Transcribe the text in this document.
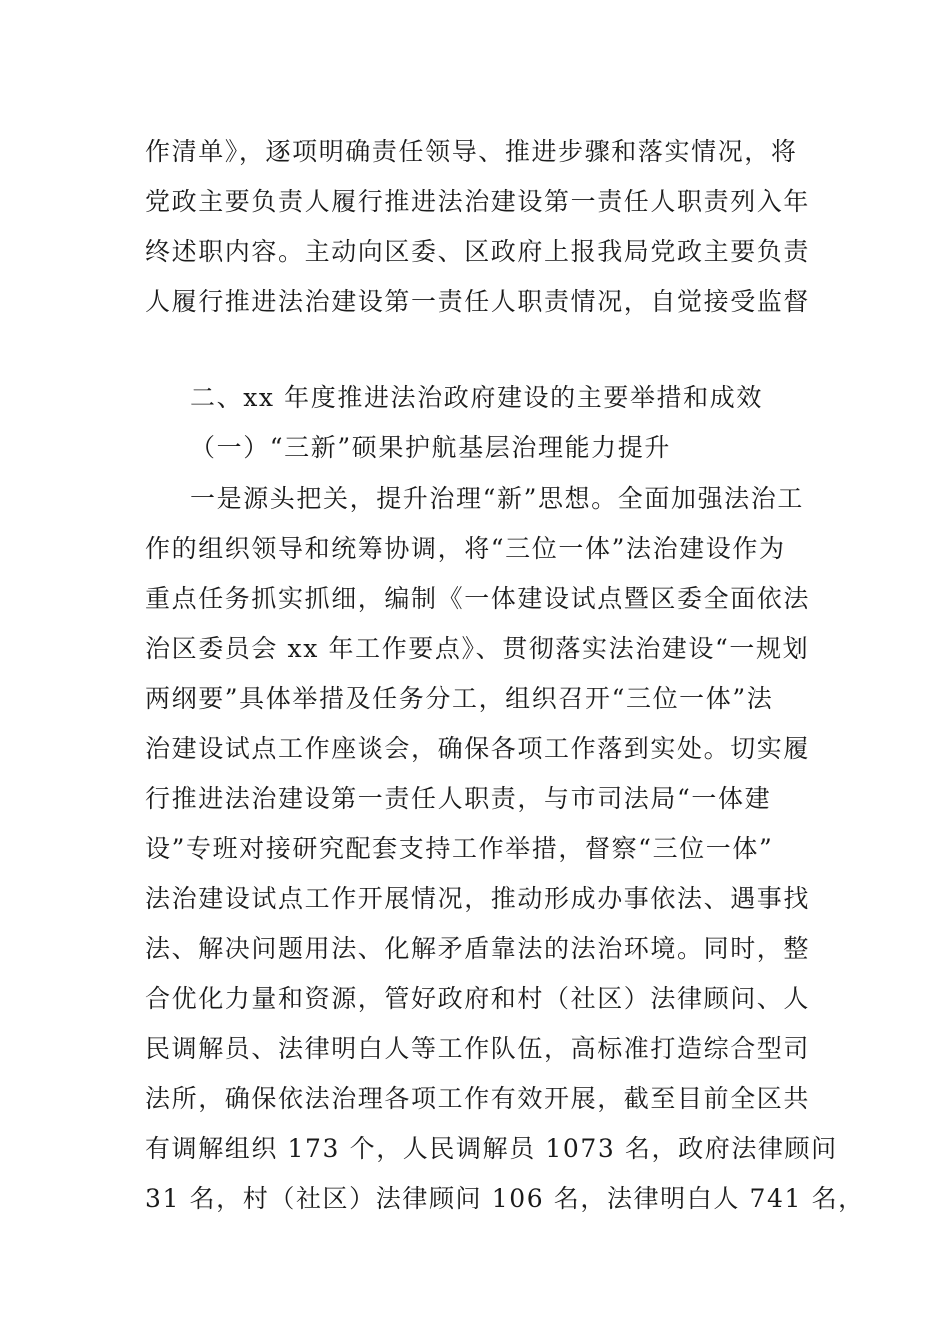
作清单》，逐项明确责任领导、推进步骤和落实情况，将
党政主要负责人履行推进法治建设第一责任人职责列入年
终述职内容。主动向区委、区政府上报我局党政主要负责
人履行推进法治建设第一责任人职责情况，自觉接受监督
二、xx 年度推进法治政府建设的主要举措和成效
（一）“三新”硕果护航基层治理能力提升
一是源头把关，提升治理“新”思想。全面加强法治工
作的组织领导和统筹协调，将“三位一体”法治建设作为
重点任务抓实抓细，编制《一体建设试点暨区委全面依法
治区委员会 xx 年工作要点》、贯彻落实法治建设“一规划
两纲要”具体举措及任务分工，组织召开“三位一体”法
治建设试点工作座谈会，确保各项工作落到实处。切实履
行推进法治建设第一责任人职责，与市司法局“一体建
设”专班对接研究配套支持工作举措，督察“三位一体”
法治建设试点工作开展情况，推动形成办事依法、遇事找
法、解决问题用法、化解矛盾靠法的法治环境。同时，整
合优化力量和资源，管好政府和村（社区）法律顾问、人
民调解员、法律明白人等工作队伍，高标准打造综合型司
法所，确保依法治理各项工作有效开展，截至目前全区共
有调解组织 173 个，人民调解员 1073 名，政府法律顾问
31 名，村（社区）法律顾问 106 名，法律明白人 741 名，
